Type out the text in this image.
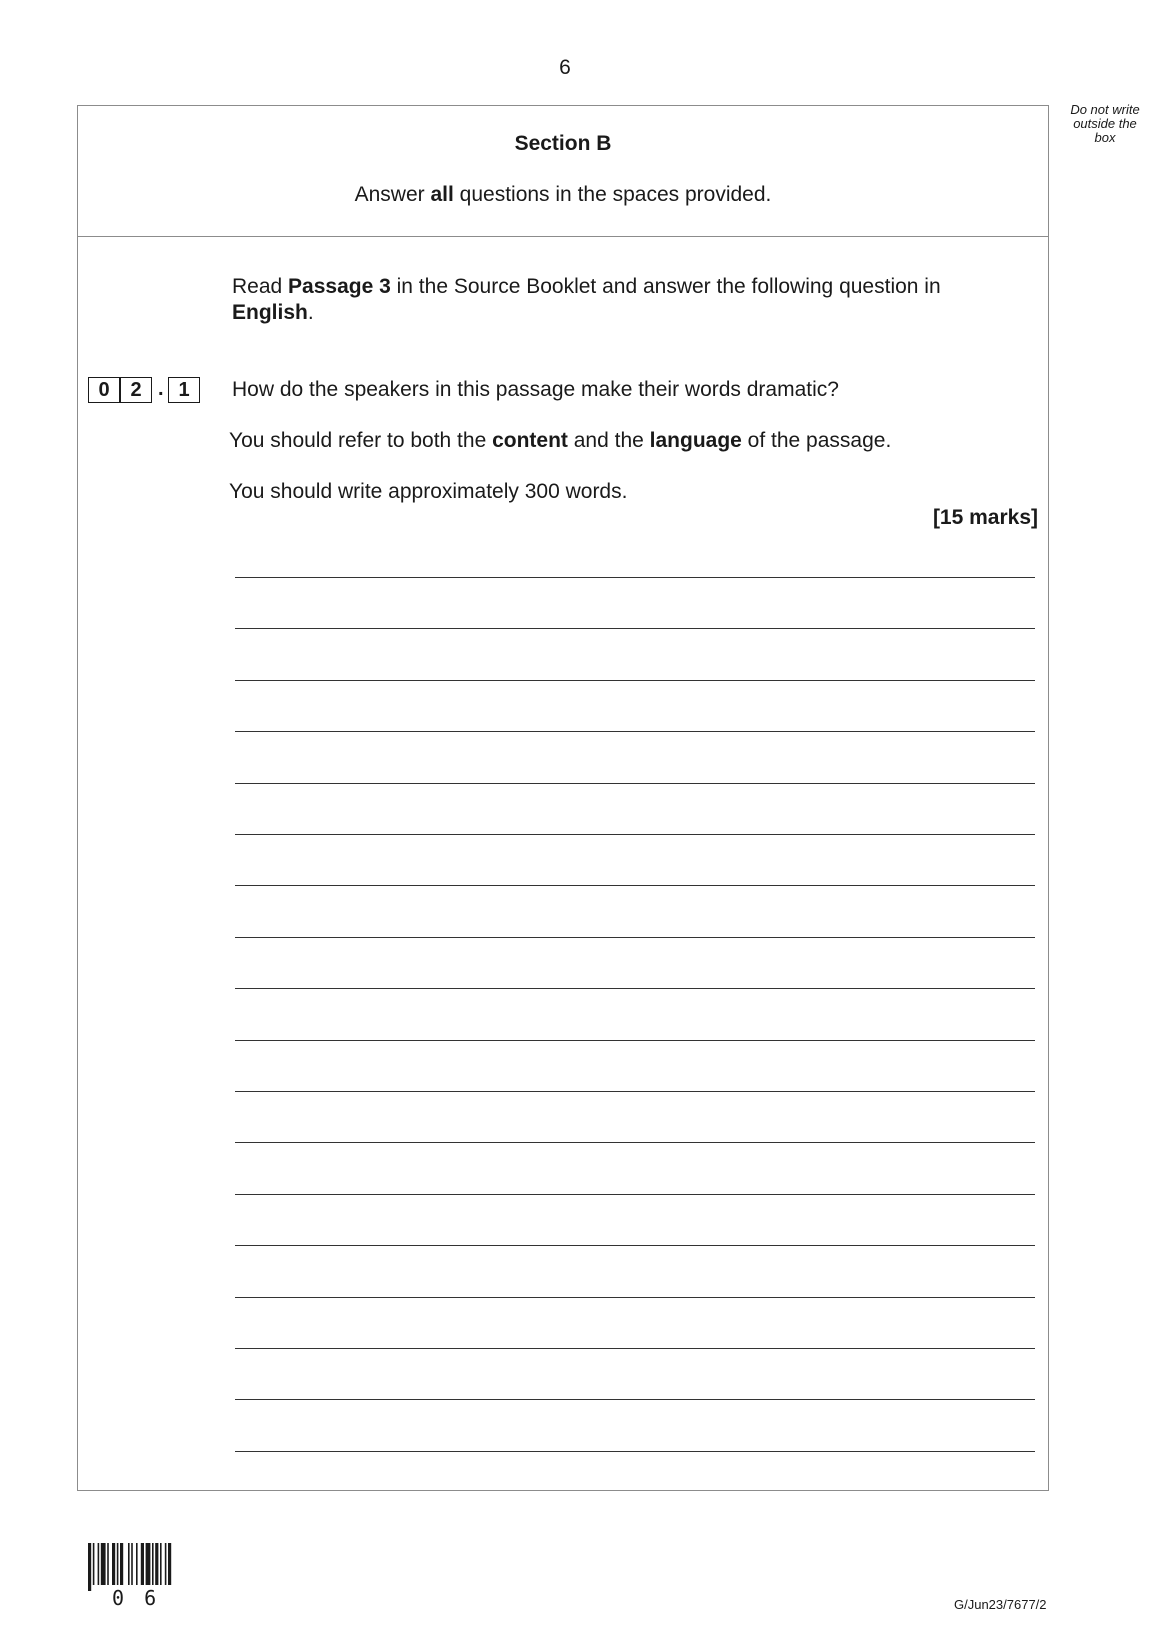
6
Do not write
outside the
box
Section B
Answer all questions in the spaces provided.
Read Passage 3 in the Source Booklet and answer the following question in English.
0	2 . 1	How do the speakers in this passage make their words dramatic?
You should refer to both the content and the language of the passage.
You should write approximately 300 words.
[15 marks]
0 6	G/Jun23/7677/2
